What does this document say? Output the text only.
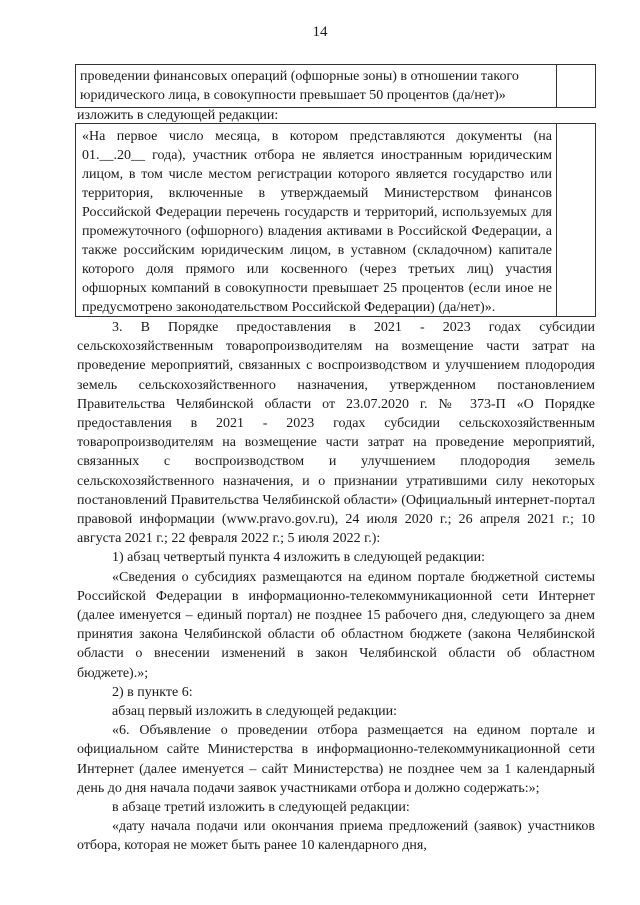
14
проведении финансовых операций (офшорные зоны) в отношении такого юридического лица, в совокупности превышает 50 процентов (да/нет)»
изложить в следующей редакции:
«На первое число месяца, в котором представляются документы (на 01.__.20__ года), участник отбора не является иностранным юридическим лицом, в том числе местом регистрации которого является государство или территория, включенные в утверждаемый Министерством финансов Российской Федерации перечень государств и территорий, используемых для промежуточного (офшорного) владения активами в Российской Федерации, а также российским юридическим лицом, в уставном (складочном) капитале которого доля прямого или косвенного (через третьих лиц) участия офшорных компаний в совокупности превышает 25 процентов (если иное не предусмотрено законодательством Российской Федерации) (да/нет)».

3. В Порядке предоставления в 2021 - 2023 годах субсидии сельскохозяйственным товаропроизводителям на возмещение части затрат на проведение мероприятий, связанных с воспроизводством и улучшением плодородия земель сельскохозяйственного назначения, утвержденном постановлением Правительства Челябинской области от 23.07.2020 г. № 373-П «О Порядке предоставления в 2021 - 2023 годах субсидии сельскохозяйственным товаропроизводителям на возмещение части затрат на проведение мероприятий, связанных с воспроизводством и улучшением плодородия земель сельскохозяйственного назначения, и о признании утратившими силу некоторых постановлений Правительства Челябинской области» (Официальный интернет-портал правовой информации (www.pravo.gov.ru), 24 июля 2020 г.; 26 апреля 2021 г.; 10 августа 2021 г.; 22 февраля 2022 г.; 5 июля 2022 г.):

1) абзац четвертый пункта 4 изложить в следующей редакции:

«Сведения о субсидиях размещаются на едином портале бюджетной системы Российской Федерации в информационно-телекоммуникационной сети Интернет (далее именуется – единый портал) не позднее 15 рабочего дня, следующего за днем принятия закона Челябинской области об областном бюджете (закона Челябинской области о внесении изменений в закон Челябинской области об областном бюджете).»;

2) в пункте 6:

абзац первый изложить в следующей редакции:

«6. Объявление о проведении отбора размещается на едином портале и официальном сайте Министерства в информационно-телекоммуникационной сети Интернет (далее именуется – сайт Министерства) не позднее чем за 1 календарный день до дня начала подачи заявок участниками отбора и должно содержать:»;

в абзаце третий изложить в следующей редакции:

«дату начала подачи или окончания приема предложений (заявок) участников отбора, которая не может быть ранее 10 календарного дня,
